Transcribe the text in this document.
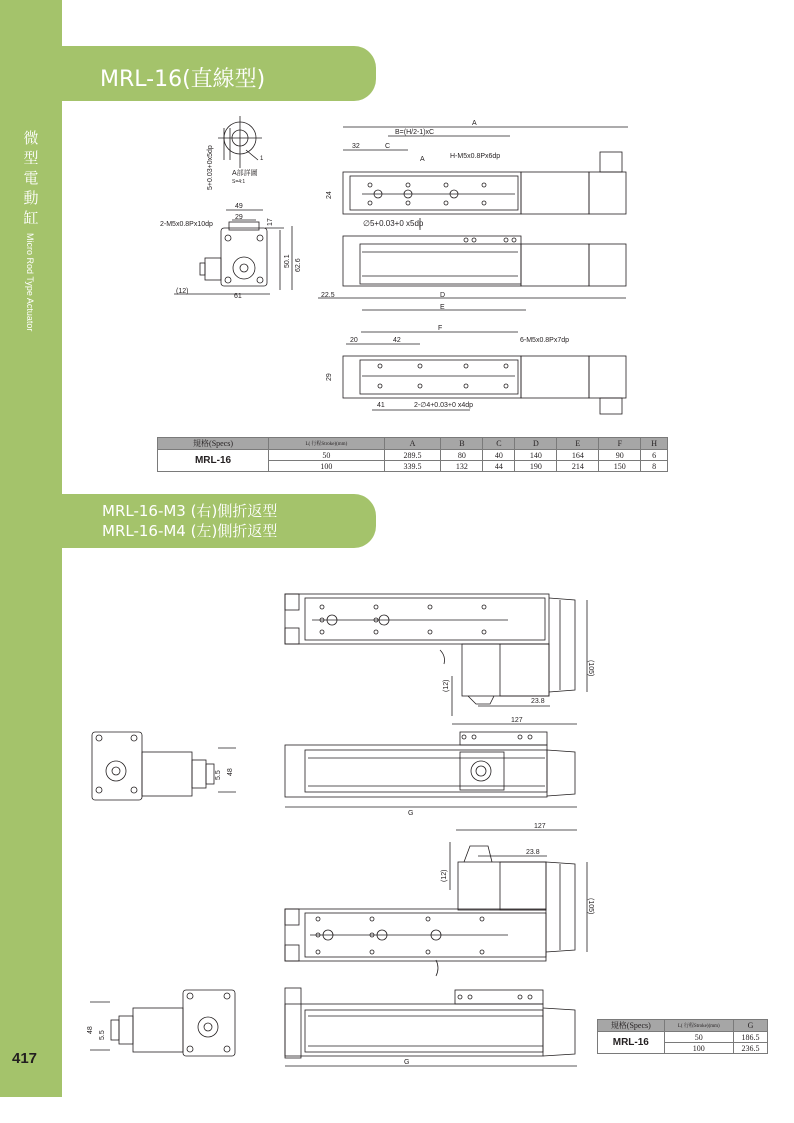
微型電動缸
Micro Rod Type Actuator
417
MRL-16(直線型)
1
A部詳圖
S=4:1
5+0.03+0x5dp
49
29
17
2-M5x0.8Px10dp
50.1 62.6
(12)
61
A
B=(H/2-1)xC
32	C
A	H-M5x0.8Px6dp
24
∅5+0.03+0 x5dp
22.5	D
E
F
20	42	6-M5x0.8Px7dp
29
41	2-∅4+0.03+0 x4dp
規格(Specs)	L( 行程Stroke)(mm)	A	B	C	D	E	F	H
MRL-16	50	289.5	80	40	140	164	90	6
	100	339.5	132	44	190	214	150	8
MRL-16-M3 (右)側折返型
MRL-16-M4 (左)側折返型
(105)
(12)
23.8
127
5.5 48
G
127
23.8
(12)
(105)
48
5.5
G
規格(Specs)	L( 行程Stroke)(mm)	G
MRL-16	50	186.5
	100	236.5
